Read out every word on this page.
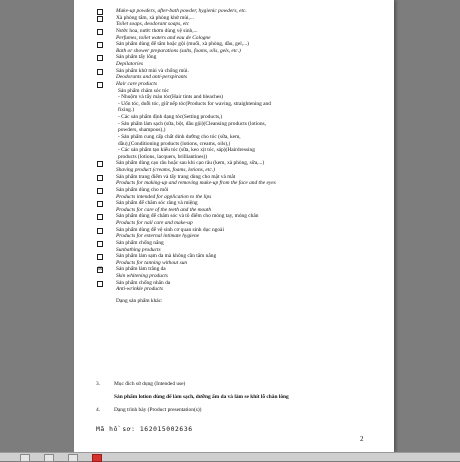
Make-up powders, after-bath powder, hygienic powders, etc.
Xà phòng tắm, xà phòng khử mùi,...
Toilet soaps, deodorant soaps, etc
Nước hoa, nước thơm dùng vệ sinh,...
Perfumes, toilet waters and eau de Cologne
Sản phẩm dùng để tắm hoặc gội (muối, xà phòng, dầu, gel,...)
Bath or shower preparations (salts, foams, oils, gels, etc.)
Sản phẩm tẩy lông
Depilatories
Sản phẩm khử mùi và chống mùi.
Deodorants and anti-perspirants
Hair care products
Sản phẩm chăm sóc tóc
- Nhuộm và tẩy màu tóc(Hair tints and bleaches)
- Uốn tóc, duỗi tóc, giữ nếp tóc(Products for waving, straightening and
fixing.)
- Các sản phẩm định dạng tóc(Setting products,)
- Sản phẩm làm sạch (sữa, bột, dầu gội)(Cleansing products (lotions,
powders, shampoos),)
- Sản phẩm cung cấp chất dinh dưỡng cho tóc (sữa, kem,
dầu),(Conditioning products (lotions, creams, oils),)
- Các sản phẩm tạo kiểu tóc (sữa, keo xịt tóc, sáp)(Hairdressing
products (lotions, lacquers, brilliantines))
Sản phẩm dùng cạo râu hoặc sau khi cạo râu (kem, xà phòng, sữa,...)
Shaving product (creams, foams, lotions, etc.)
Sản phẩm trang điểm và tẩy trang dùng cho mặt và mắt
Products for making-up and removing make-up from the face and the eyes
Sản phẩm dùng cho môi
Products intended for application to the lips
Sản phẩm để chăm sóc răng và miệng
Products for care of the teeth and the mouth
Sản phẩm dùng để chăm sóc và tô điểm cho móng tay, móng chân
Products for nail care and make-up
Sản phẩm dùng để vệ sinh cơ quan sinh dục ngoài
Products for external intimate hygiene
Sản phẩm chống nắng
Sunbathing products
Sản phẩm làm sạm da mà không cần tắm nắng
Products for tanning without sun
☒	Sản phẩm làm trắng da
Skin whitening products
Sản phẩm chống nhăn da
Anti-wrinkle products
Dạng sản phẩm khác:
3.	Mục đích sử dụng (Intended use)
Sản phẩm lotion dùng để làm sạch, dưỡng ẩm da và làm se khít lỗ chân lông
4.	Dạng trình bày (Product presentation(s))
Mã hồ sơ: 162015002636
2
